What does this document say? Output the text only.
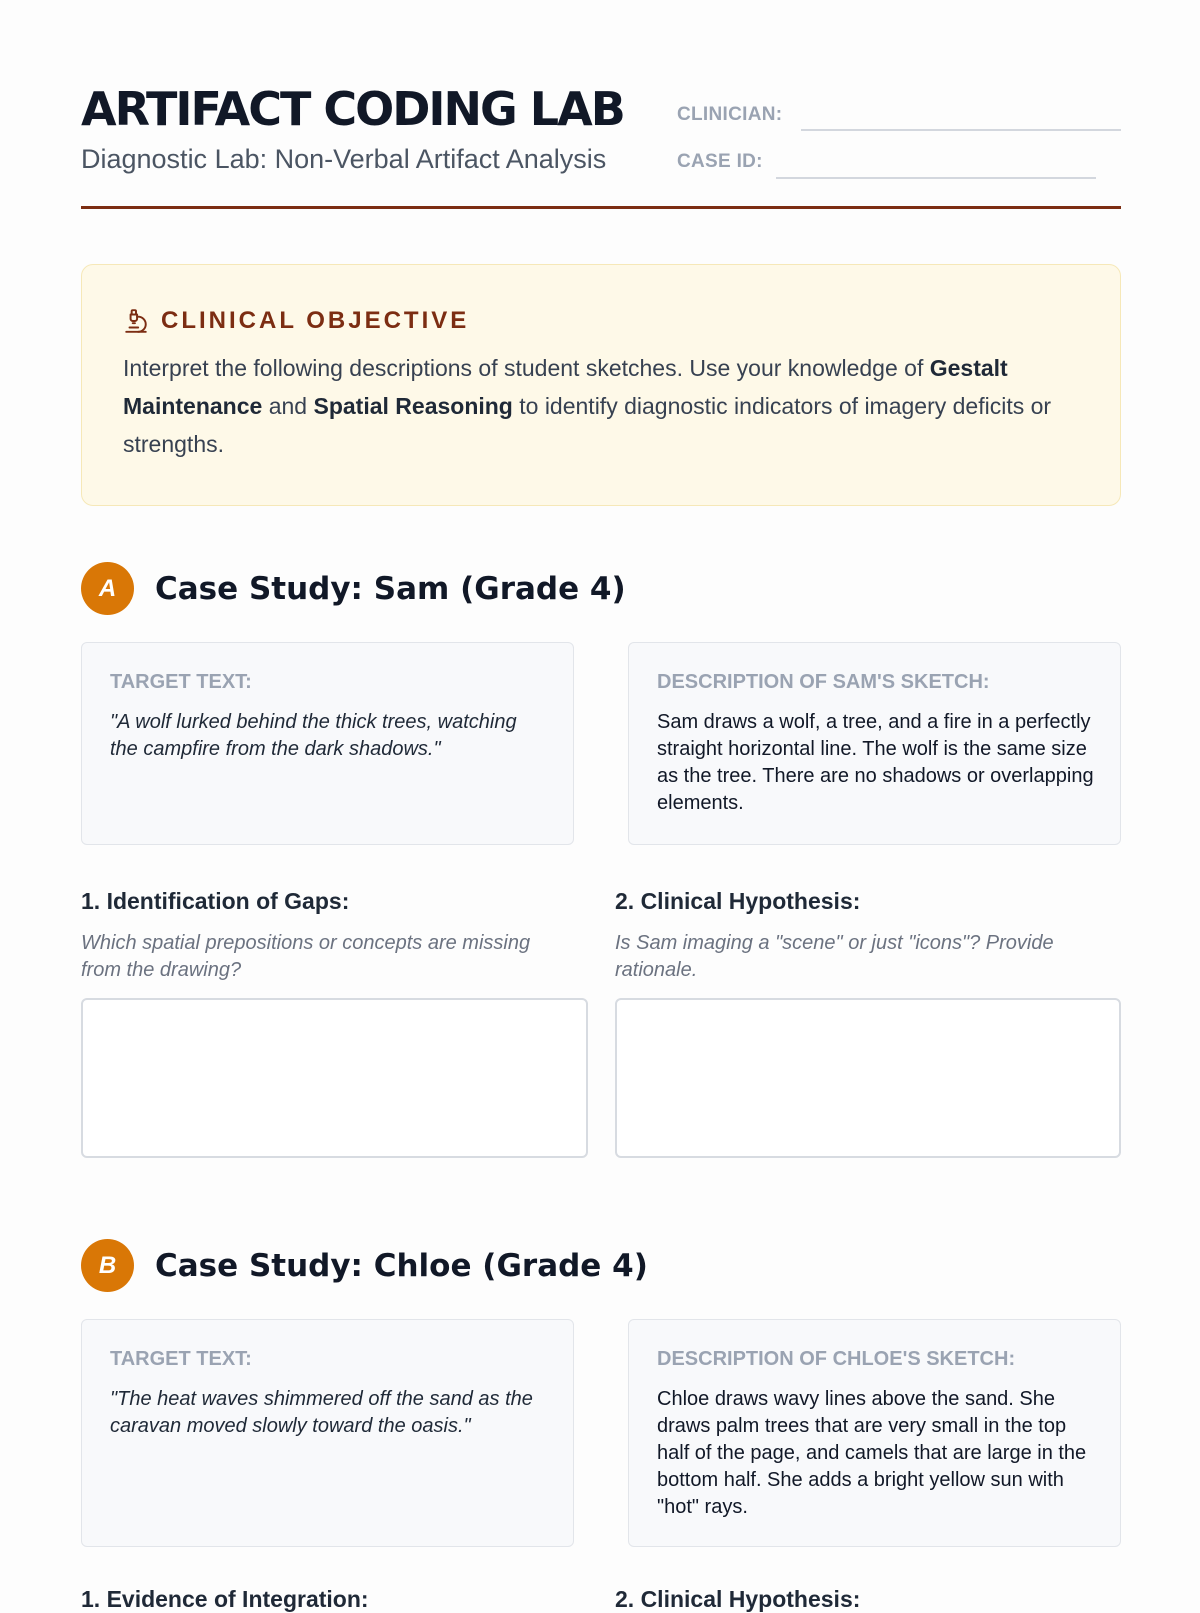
ARTIFACT CODING LAB
Diagnostic Lab: Non-Verbal Artifact Analysis
CLINICIAN:
CASE ID:
CLINICAL OBJECTIVE
Interpret the following descriptions of student sketches. Use your knowledge of Gestalt Maintenance and Spatial Reasoning to identify diagnostic indicators of imagery deficits or strengths.
A	Case Study: Sam (Grade 4)
TARGET TEXT:
"A wolf lurked behind the thick trees, watching the campfire from the dark shadows."
DESCRIPTION OF SAM'S SKETCH:
Sam draws a wolf, a tree, and a fire in a perfectly straight horizontal line. The wolf is the same size as the tree. There are no shadows or overlapping elements.
1. Identification of Gaps:
Which spatial prepositions or concepts are missing from the drawing?
2. Clinical Hypothesis:
Is Sam imaging a "scene" or just "icons"? Provide rationale.
B	Case Study: Chloe (Grade 4)
TARGET TEXT:
"The heat waves shimmered off the sand as the caravan moved slowly toward the oasis."
DESCRIPTION OF CHLOE'S SKETCH:
Chloe draws wavy lines above the sand. She draws palm trees that are very small in the top half of the page, and camels that are large in the bottom half. She adds a bright yellow sun with "hot" rays.
1. Evidence of Integration:	2. Clinical Hypothesis:
